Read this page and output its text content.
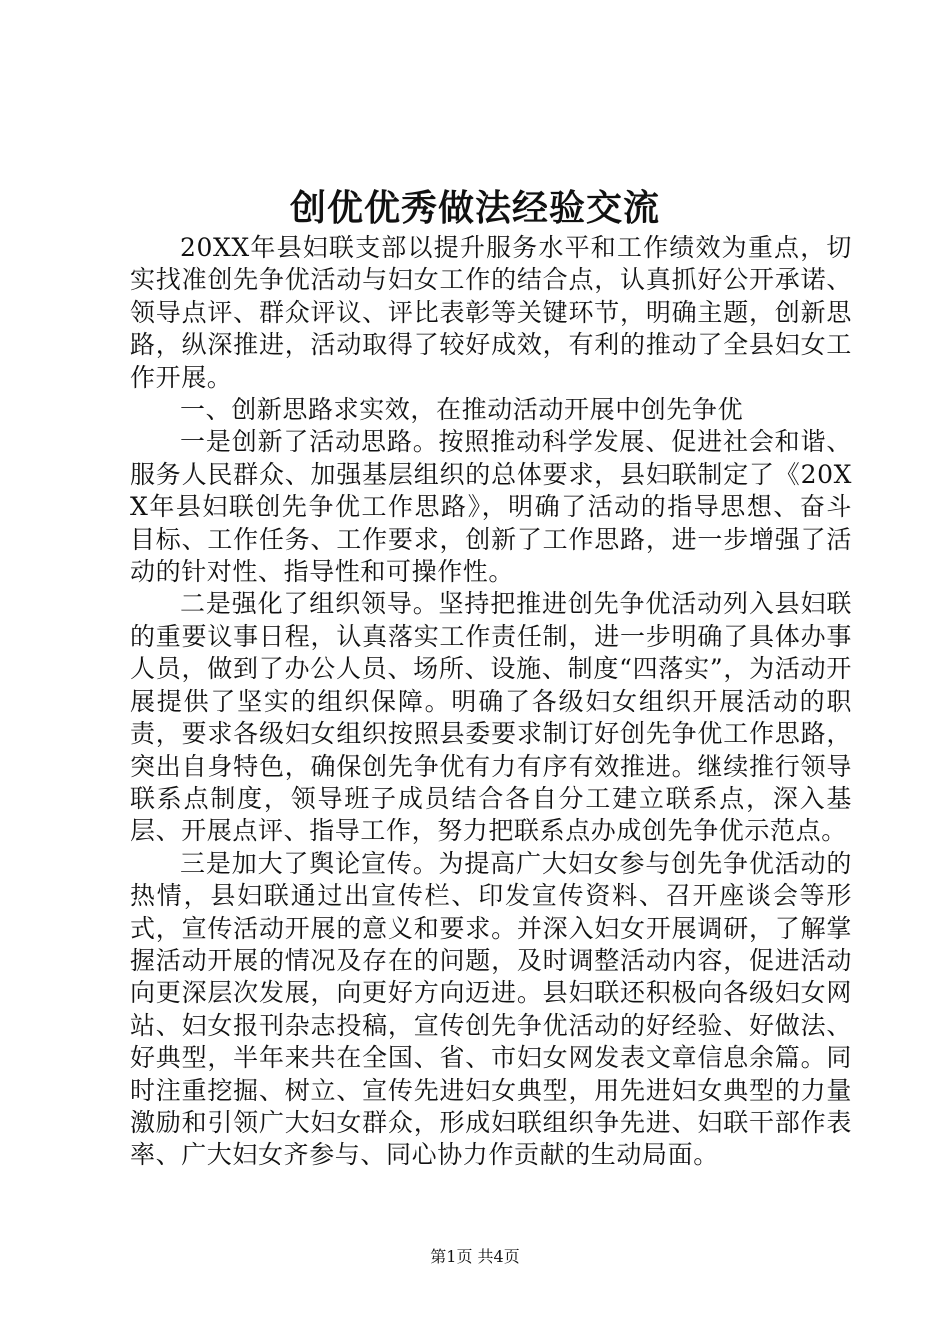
创优优秀做法经验交流

20XX年县妇联支部以提升服务水平和工作绩效为重点，切实找准创先争优活动与妇女工作的结合点，认真抓好公开承诺、领导点评、群众评议、评比表彰等关键环节，明确主题，创新思路，纵深推进，活动取得了较好成效，有利的推动了全县妇女工作开展。

一、创新思路求实效，在推动活动开展中创先争优

一是创新了活动思路。按照推动科学发展、促进社会和谐、服务人民群众、加强基层组织的总体要求，县妇联制定了《20XX年县妇联创先争优工作思路》，明确了活动的指导思想、奋斗目标、工作任务、工作要求，创新了工作思路，进一步增强了活动的针对性、指导性和可操作性。

二是强化了组织领导。坚持把推进创先争优活动列入县妇联的重要议事日程，认真落实工作责任制，进一步明确了具体办事人员，做到了办公人员、场所、设施、制度“四落实”，为活动开展提供了坚实的组织保障。明确了各级妇女组织开展活动的职责，要求各级妇女组织按照县委要求制订好创先争优工作思路，突出自身特色，确保创先争优有力有序有效推进。继续推行领导联系点制度，领导班子成员结合各自分工建立联系点，深入基层、开展点评、指导工作，努力把联系点办成创先争优示范点。

三是加大了舆论宣传。为提高广大妇女参与创先争优活动的热情，县妇联通过出宣传栏、印发宣传资料、召开座谈会等形式，宣传活动开展的意义和要求。并深入妇女开展调研，了解掌握活动开展的情况及存在的问题，及时调整活动内容，促进活动向更深层次发展，向更好方向迈进。县妇联还积极向各级妇女网站、妇女报刊杂志投稿，宣传创先争优活动的好经验、好做法、好典型，半年来共在全国、省、市妇女网发表文章信息余篇。同时注重挖掘、树立、宣传先进妇女典型，用先进妇女典型的力量激励和引领广大妇女群众，形成妇联组织争先进、妇联干部作表率、广大妇女齐参与、同心协力作贡献的生动局面。

第1页 共4页
